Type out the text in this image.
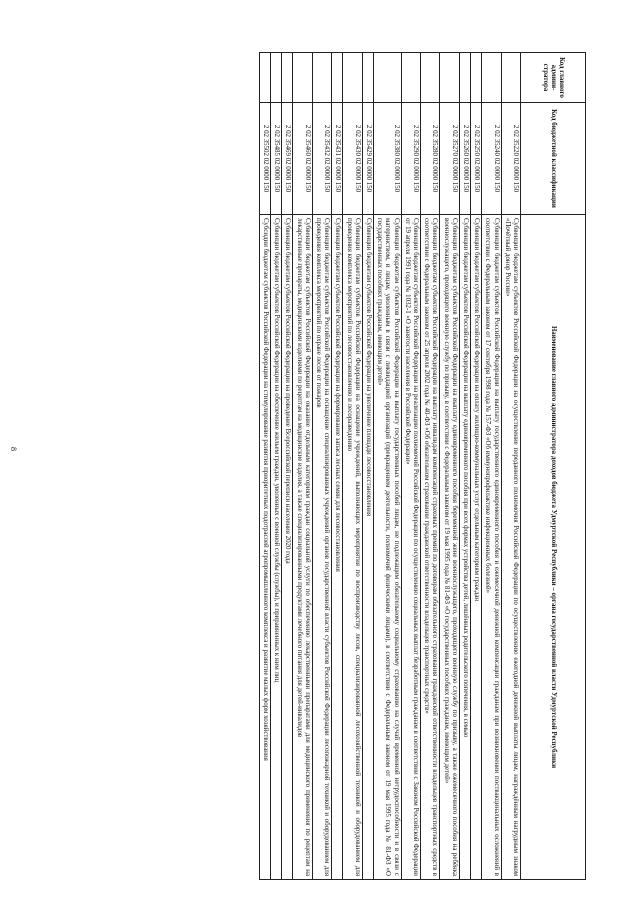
8
Код главного админи-стратора	Код бюджетной классификации	Наименование главного администратора доходов бюджета Удмуртской Республики – органа государственной власти Удмуртской Республики
	2 02 35220 02 0000 150	Субвенции бюджетам субъектов Российской Федерации на осуществление переданного полномочия Российской Федерации по осуществлению ежегодной денежной выплаты лицам, награждённым нагрудным знаком «Почётный донор России»
	2 02 35240 02 0000 150	Субвенции бюджетам субъектов Российской Федерации на выплату государственного единовременного пособия и ежемесячной денежной компенсации гражданам при возникновении поствакцинальных осложнений в соответствии с Федеральным законом от 17 сентября 1998 года № 157-ФЗ «Об иммунопрофилактике инфекционных болезней»
	2 02 35250 02 0000 150	Субвенции бюджетам субъектов Российской Федерации на оплату жилищно-коммунальных услуг отдельным категориям граждан
	2 02 35260 02 0000 150	Субвенции бюджетам субъектов Российской Федерации на выплату единовременного пособия при всех формах устройства детей, лишённых родительского попечения, в семью
	2 02 35270 02 0000 150	Субвенции бюджетам субъектов Российской Федерации на выплату единовременного пособия беременной жене военнослужащего, проходящего военную службу по призыву, а также ежемесячного пособия на ребёнка военнослужащего, проходящего военную службу по призыву, в соответствии с Федеральным законом от 19 мая 1995 года № 81-ФЗ «О государственных пособиях гражданам, имеющим детей»
	2 02 35280 02 0000 150	Субвенции бюджетам субъектов Российской Федерации на выплату инвалидам компенсаций страховых премий по договорам обязательного страхования гражданской ответственности владельцев транспортных средств в соответствии с Федеральным законом от 25 апреля 2002 года № 40-ФЗ «Об обязательном страховании гражданской ответственности владельцев транспортных средств»
	2 02 35290 02 0000 150	Субвенции бюджетам субъектов Российской Федерации на реализацию полномочий Российской Федерации по осуществлению социальных выплат безработным гражданам в соответствии с Законом Российской Федерации от 19 апреля 1991 года № 1032-1 «О занятости населения в Российской Федерации»
	2 02 35380 02 0000 150	Субвенции бюджетам субъектов Российской Федерации на выплату государственных пособий лицам, не подлежащим обязательному социальному страхованию на случай временной нетрудоспособности и в связи с материнством, и лицам, уволенным в связи с ликвидацией организаций (прекращением деятельности, полномочий физическими лицами), в соответствии с Федеральным законом от 19 мая 1995 года № 81-ФЗ «О государственных пособиях гражданам, имеющим детей»
	2 02 35429 02 0000 150	Субвенции бюджетам субъектов Российской Федерации на увеличение площади лесовосстановления
	2 02 35430 02 0000 150	Субвенции бюджетам субъектов Российской Федерации на оснащение учреждений, выполняющих мероприятия по воспроизводству лесов, специализированной лесохозяйственной техникой и оборудованием для проведения комплекса мероприятий по лесовосстановлению и лесоразведению
	2 02 35431 02 0000 150	Субвенции бюджетам субъектов Российской Федерации на формирование запаса лесных семян для лесовосстановления
	2 02 35432 02 0000 150	Субвенции бюджетам субъектов Российской Федерации на оснащение специализированных учреждений органов государственной власти субъектов Российской Федерации лесопожарной техникой и оборудованием для проведения комплекса мероприятий по охране лесов от пожаров
	2 02 35460 02 0000 150	Субвенции бюджетам субъектов Российской Федерации на оказание отдельным категориям граждан социальной услуги по обеспечению лекарственными препаратами для медицинского применения по рецептам на лекарственные препараты, медицинскими изделиями по рецептам на медицинские изделия, а также специализированными продуктами лечебного питания для детей-инвалидов
	2 02 35469 02 0000 150	Субвенции бюджетам субъектов Российской Федерации на проведение Всероссийской переписи населения 2020 года
	2 02 35485 02 0000 150	Субвенции бюджетам субъектов Российской Федерации на обеспечение жильем граждан, уволенных с военной службы (службы), и приравненных к ним лиц
	2 02 35502 02 0000 150	Субсидии бюджетам субъектов Российской Федерации на стимулирование развития приоритетных подотраслей агропромышленного комплекса и развитие малых форм хозяйствования
